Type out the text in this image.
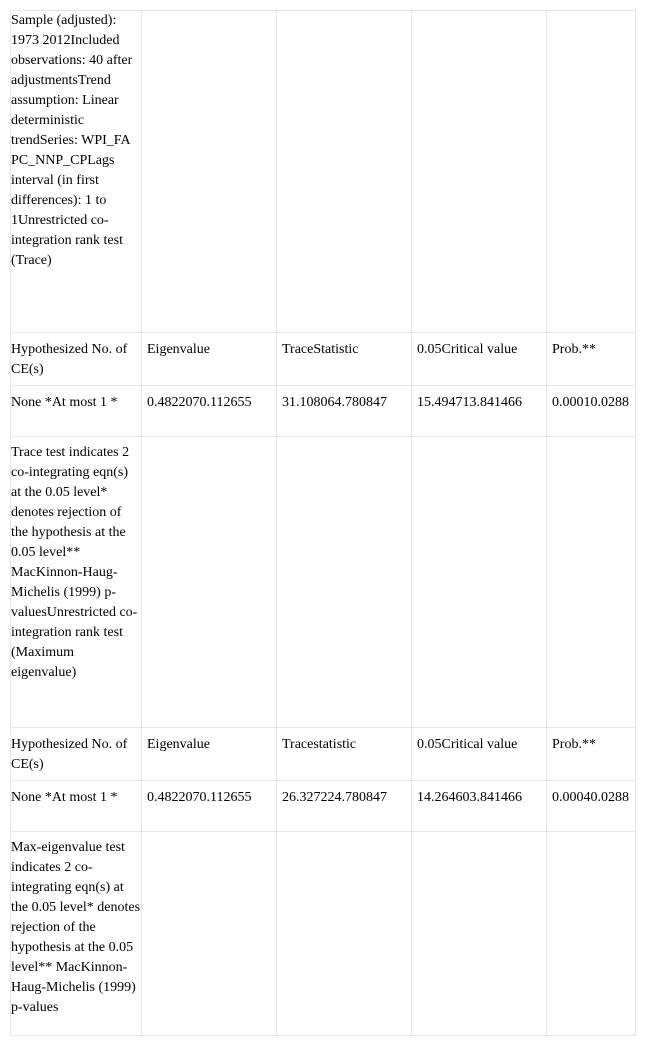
Sample (adjusted): 1973 2012Included observations: 40 after adjustmentsTrend assumption: Linear deterministic trendSeries: WPI_FA PC_NNP_CPLags interval (in first differences): 1 to 1Unrestricted co-integration rank test (Trace)				

Hypothesized No. of CE(s)	Eigenvalue	TraceStatistic	0.05Critical value	Prob.**

None *At most 1 *	0.4822070.112655	31.108064.780847	15.494713.841466	0.00010.0288

Trace test indicates 2 co-integrating eqn(s) at the 0.05 level* denotes rejection of the hypothesis at the 0.05 level** MacKinnon-Haug-Michelis (1999) p-valuesUnrestricted co-integration rank test (Maximum eigenvalue)				

Hypothesized No. of CE(s)	Eigenvalue	Tracestatistic	0.05Critical value	Prob.**

None *At most 1 *	0.4822070.112655	26.327224.780847	14.264603.841466	0.00040.0288

Max-eigenvalue test indicates 2 co-integrating eqn(s) at the 0.05 level* denotes rejection of the hypothesis at the 0.05 level** MacKinnon-Haug-Michelis (1999) p-values				
